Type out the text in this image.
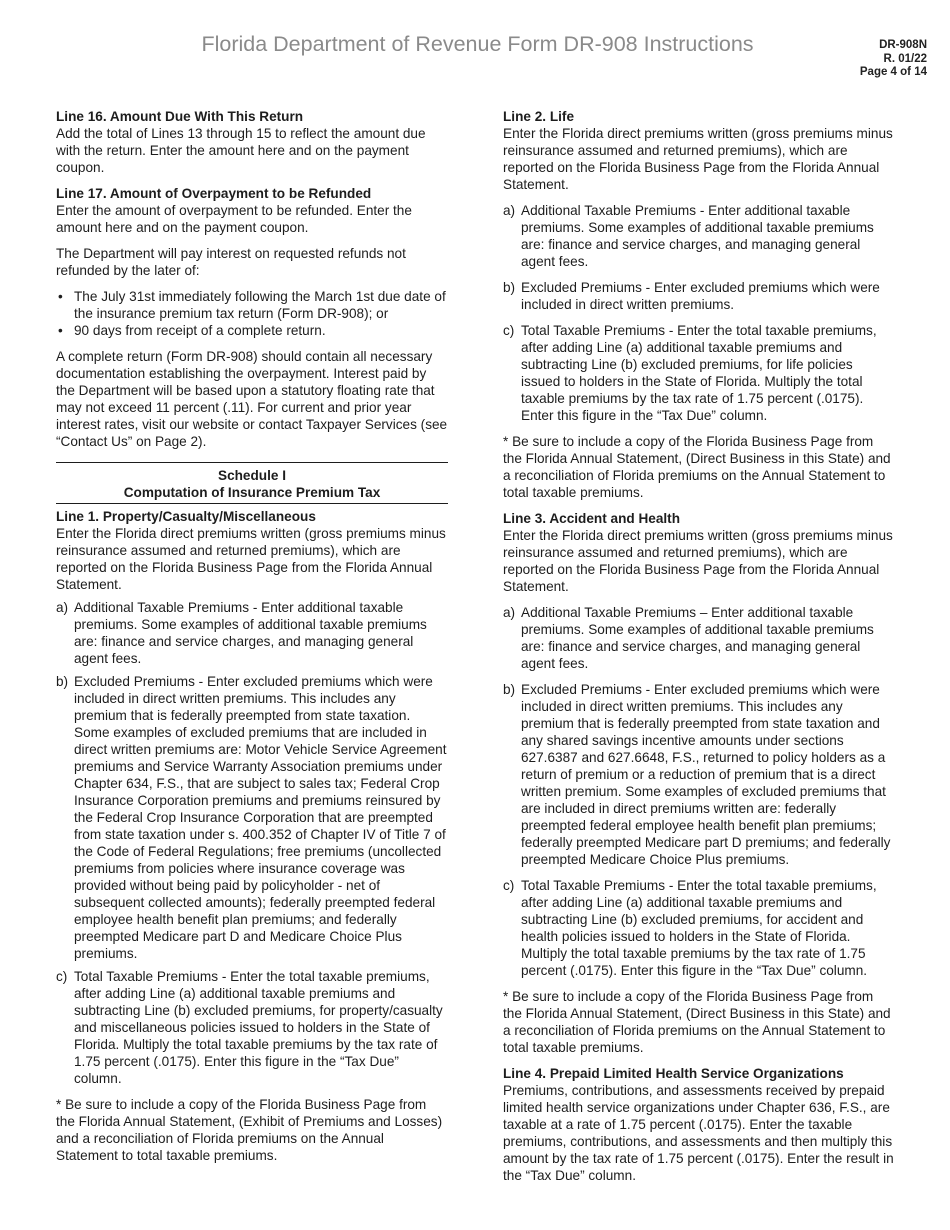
Florida Department of Revenue Form DR-908 Instructions	DR-908N
R. 01/22
Page 4 of 14

Line 16. Amount Due With This Return
Add the total of Lines 13 through 15 to reflect the amount due with the return. Enter the amount here and on the payment coupon.

Line 17. Amount of Overpayment to be Refunded
Enter the amount of overpayment to be refunded. Enter the amount here and on the payment coupon.

The Department will pay interest on requested refunds not refunded by the later of:

• The July 31st immediately following the March 1st due date of the insurance premium tax return (Form DR-908); or
• 90 days from receipt of a complete return.

A complete return (Form DR-908) should contain all necessary documentation establishing the overpayment. Interest paid by the Department will be based upon a statutory floating rate that may not exceed 11 percent (.11). For current and prior year interest rates, visit our website or contact Taxpayer Services (see “Contact Us” on Page 2).

Schedule I
Computation of Insurance Premium Tax

Line 1. Property/Casualty/Miscellaneous
Enter the Florida direct premiums written (gross premiums minus reinsurance assumed and returned premiums), which are reported on the Florida Business Page from the Florida Annual Statement.

a) Additional Taxable Premiums - Enter additional taxable premiums. Some examples of additional taxable premiums are: finance and service charges, and managing general agent fees.
b) Excluded Premiums - Enter excluded premiums which were included in direct written premiums. This includes any premium that is federally preempted from state taxation. Some examples of excluded premiums that are included in direct written premiums are: Motor Vehicle Service Agreement premiums and Service Warranty Association premiums under Chapter 634, F.S., that are subject to sales tax; Federal Crop Insurance Corporation premiums and premiums reinsured by the Federal Crop Insurance Corporation that are preempted from state taxation under s. 400.352 of Chapter IV of Title 7 of the Code of Federal Regulations; free premiums (uncollected premiums from policies where insurance coverage was provided without being paid by policyholder - net of subsequent collected amounts); federally preempted federal employee health benefit plan premiums; and federally preempted Medicare part D and Medicare Choice Plus premiums.
c) Total Taxable Premiums - Enter the total taxable premiums, after adding Line (a) additional taxable premiums and subtracting Line (b) excluded premiums, for property/casualty and miscellaneous policies issued to holders in the State of Florida. Multiply the total taxable premiums by the tax rate of 1.75 percent (.0175). Enter this figure in the “Tax Due” column.

* Be sure to include a copy of the Florida Business Page from the Florida Annual Statement, (Exhibit of Premiums and Losses) and a reconciliation of Florida premiums on the Annual Statement to total taxable premiums.

Line 2. Life
Enter the Florida direct premiums written (gross premiums minus reinsurance assumed and returned premiums), which are reported on the Florida Business Page from the Florida Annual Statement.

a) Additional Taxable Premiums - Enter additional taxable premiums. Some examples of additional taxable premiums are: finance and service charges, and managing general agent fees.
b) Excluded Premiums - Enter excluded premiums which were included in direct written premiums.
c) Total Taxable Premiums - Enter the total taxable premiums, after adding Line (a) additional taxable premiums and subtracting Line (b) excluded premiums, for life policies issued to holders in the State of Florida. Multiply the total taxable premiums by the tax rate of 1.75 percent (.0175). Enter this figure in the “Tax Due” column.

* Be sure to include a copy of the Florida Business Page from the Florida Annual Statement, (Direct Business in this State) and a reconciliation of Florida premiums on the Annual Statement to total taxable premiums.

Line 3. Accident and Health
Enter the Florida direct premiums written (gross premiums minus reinsurance assumed and returned premiums), which are reported on the Florida Business Page from the Florida Annual Statement.

a) Additional Taxable Premiums – Enter additional taxable premiums. Some examples of additional taxable premiums are: finance and service charges, and managing general agent fees.
b) Excluded Premiums - Enter excluded premiums which were included in direct written premiums. This includes any premium that is federally preempted from state taxation and any shared savings incentive amounts under sections 627.6387 and 627.6648, F.S., returned to policy holders as a return of premium or a reduction of premium that is a direct written premium. Some examples of excluded premiums that are included in direct premiums written are: federally preempted federal employee health benefit plan premiums; federally preempted Medicare part D premiums; and federally preempted Medicare Choice Plus premiums.
c) Total Taxable Premiums - Enter the total taxable premiums, after adding Line (a) additional taxable premiums and subtracting Line (b) excluded premiums, for accident and health policies issued to holders in the State of Florida. Multiply the total taxable premiums by the tax rate of 1.75 percent (.0175). Enter this figure in the “Tax Due” column.

* Be sure to include a copy of the Florida Business Page from the Florida Annual Statement, (Direct Business in this State) and a reconciliation of Florida premiums on the Annual Statement to total taxable premiums.

Line 4. Prepaid Limited Health Service Organizations
Premiums, contributions, and assessments received by prepaid limited health service organizations under Chapter 636, F.S., are taxable at a rate of 1.75 percent (.0175). Enter the taxable premiums, contributions, and assessments and then multiply this amount by the tax rate of 1.75 percent (.0175). Enter the result in the “Tax Due” column.
